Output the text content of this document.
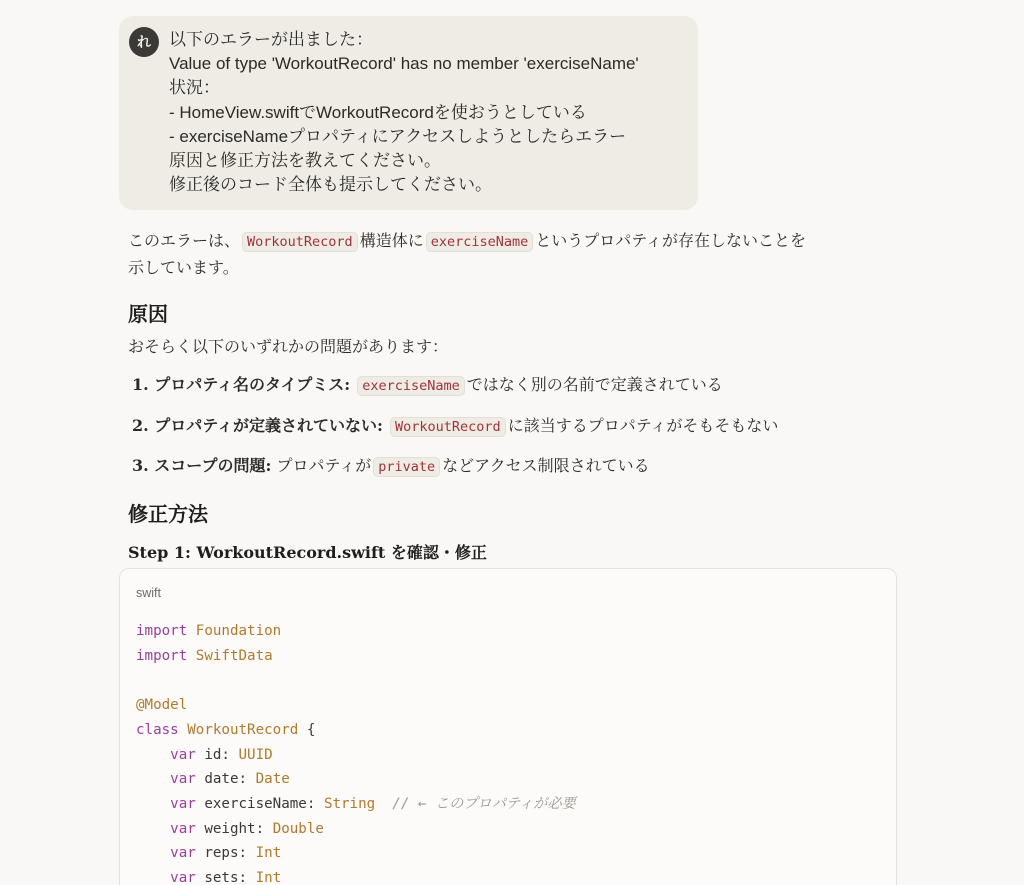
れ	以下のエラーが出ました：
Value of type 'WorkoutRecord' has no member 'exerciseName'
状況：
- HomeView.swiftでWorkoutRecordを使おうとしている
- exerciseNameプロパティにアクセスしようとしたらエラー
原因と修正方法を教えてください。
修正後のコード全体も提示してください。

このエラーは、 WorkoutRecord 構造体に exerciseName というプロパティが存在しないことを
示しています。

原因

おそらく以下のいずれかの問題があります：

1. プロパティ名のタイプミス: exerciseName ではなく別の名前で定義されている
2. プロパティが定義されていない: WorkoutRecord に該当するプロパティがそもそもない
3. スコープの問題: プロパティが private などアクセス制限されている
修正方法
Step 1: WorkoutRecord.swift を確認・修正
swift
import Foundation
import SwiftData

@Model
class WorkoutRecord {
var id: UUID
var date: Date
var exerciseName: String // ← このプロパティが必要
var weight: Double
var reps: Int
var sets: Int
